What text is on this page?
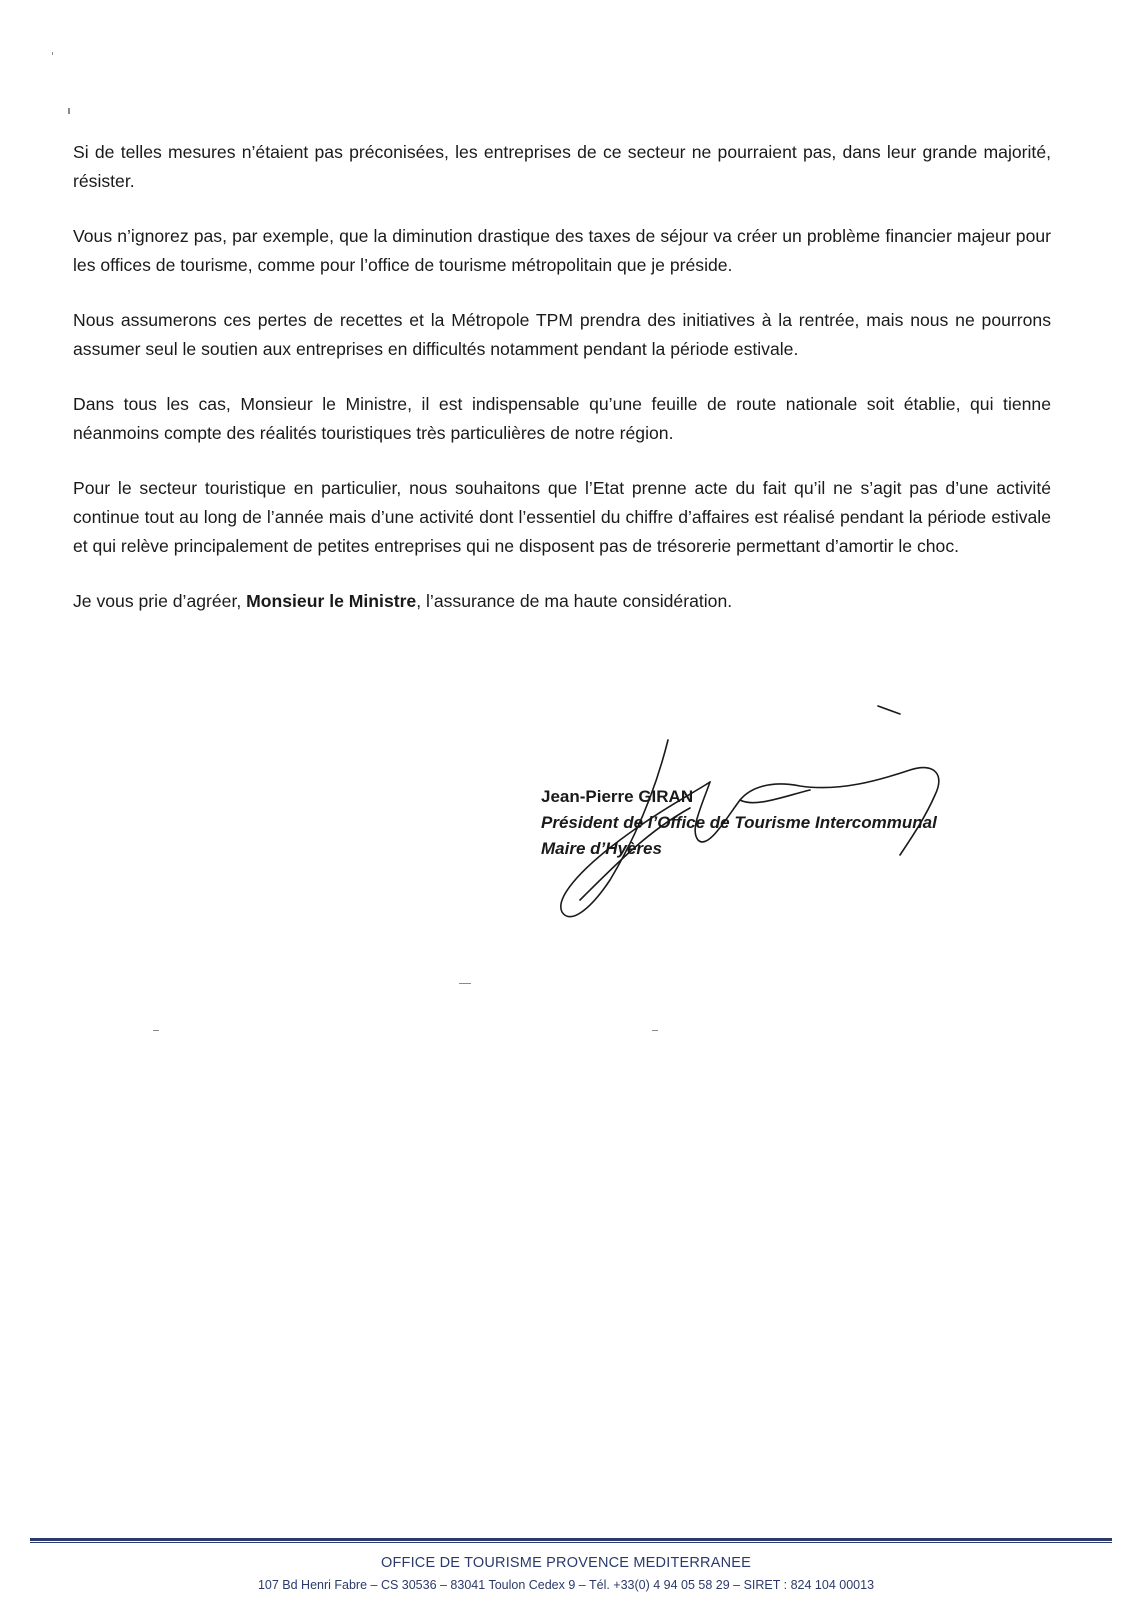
Si de telles mesures n’étaient pas préconisées, les entreprises de ce secteur ne pourraient pas, dans leur grande majorité, résister.

Vous n’ignorez pas, par exemple, que la diminution drastique des taxes de séjour va créer un problème financier majeur pour les offices de tourisme, comme pour l’office de tourisme métropolitain que je préside.

Nous assumerons ces pertes de recettes et la Métropole TPM prendra des initiatives à la rentrée, mais nous ne pourrons assumer seul le soutien aux entreprises en difficultés notamment pendant la période estivale.

Dans tous les cas, Monsieur le Ministre, il est indispensable qu’une feuille de route nationale soit établie, qui tienne néanmoins compte des réalités touristiques très particulières de notre région.

Pour le secteur touristique en particulier, nous souhaitons que l’Etat prenne acte du fait qu’il ne s’agit pas d’une activité continue tout au long de l’année mais d’une activité dont l’essentiel du chiffre d’affaires est réalisé pendant la période estivale et qui relève principalement de petites entreprises qui ne disposent pas de trésorerie permettant d’amortir le choc.

Je vous prie d’agréer, Monsieur le Ministre, l’assurance de ma haute considération.

Jean-Pierre GIRAN
Président de l’Office de Tourisme Intercommunal
Maire d’Hyères
OFFICE DE TOURISME PROVENCE MEDITERRANEE
107 Bd Henri Fabre – CS 30536 – 83041 Toulon Cedex 9 – Tél. +33(0) 4 94 05 58 29 – SIRET : 824 104 00013
